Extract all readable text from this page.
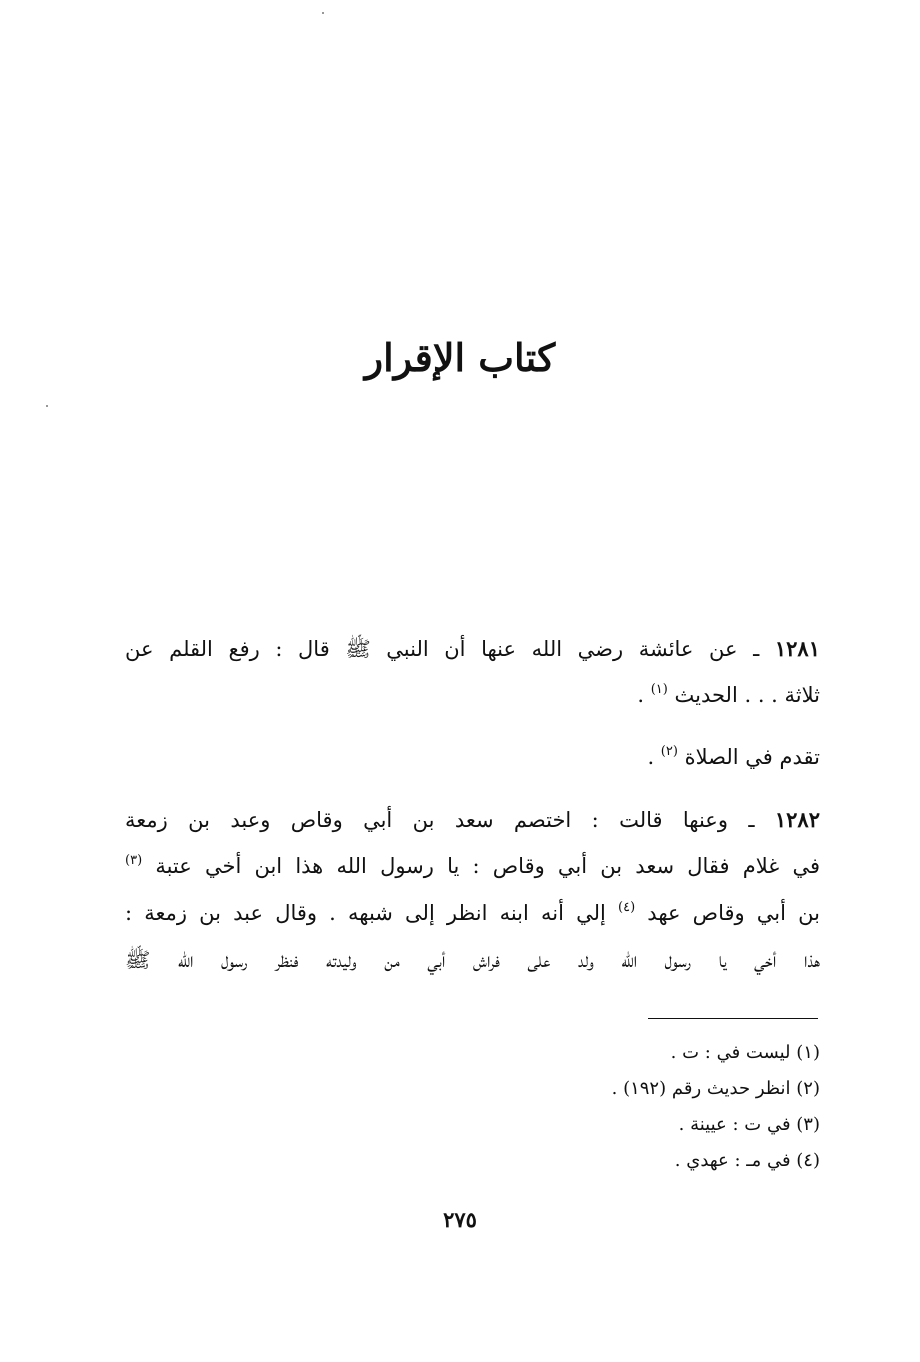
كتاب الإقرار
١٢٨١ ـ عن عائشة رضي الله عنها أن النبي ﷺ قال : رفع القلم عن
ثلاثة . . . الحديث $^{(١)}$ .
تقدم في الصلاة $^{(٢)}$ .
١٢٨٢ ـ وعنها قالت : اختصم سعد بن أبي وقاص وعبد بن زمعة
في غلام فقال سعد بن أبي وقاص : يا رسول الله هذا ابن أخي عتبة $^{(٣)}$
بن أبي وقاص عهد $^{(٤)}$ إلي أنه ابنه انظر إلى شبهه . وقال عبد بن زمعة :
هذا أخي يا رسول الله ولد على فراش أبي من وليدته فنظر رسول الله ﷺ
(١) ليست في : ت .
(٢) انظر حديث رقم (١٩٢) .
(٣) في ت : عيينة .
(٤) في مـ : عهدي .
٢٧٥
